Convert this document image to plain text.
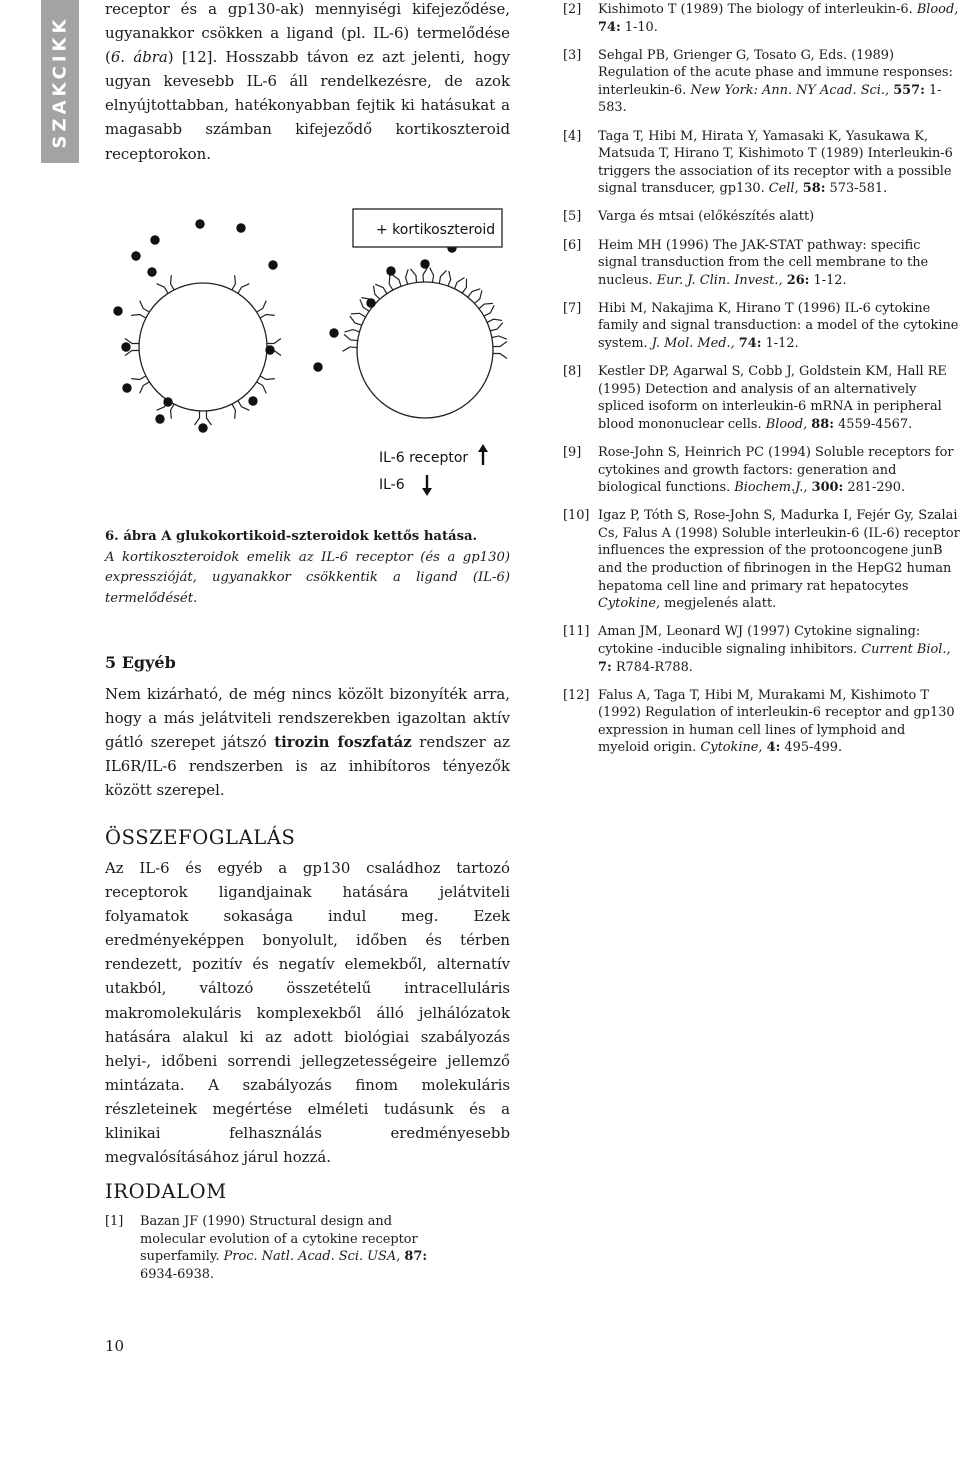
SZAKCIKK

receptor és a gp130-ak) mennyiségi kifejeződése, ugyanakkor csökken a ligand (pl. IL-6) termelődése (6. ábra) [12]. Hosszabb távon ez azt jelenti, hogy ugyan kevesebb IL-6 áll rendelkezésre, de azok elnyújtottabban, hatékonyabban fejtik ki hatásukat a magasabb számban kifejeződő kortikoszteroid receptorokon.

+ kortikoszteroid
IL-6 receptor
IL-6
6. ábra A glukokortikoid-szteroidok kettős hatása.
A kortikoszteroidok emelik az IL-6 receptor (és a gp130) expresszióját, ugyanakkor csökkentik a ligand (IL-6) termelődését.
5 Egyéb

Nem kizárható, de még nincs közölt bizonyíték arra, hogy a más jelátviteli rendszerekben igazoltan aktív gátló szerepet játszó tirozin foszfatáz rendszer az IL6R/IL-6 rendszerben is az inhibítoros tényezők között szerepel.

ÖSSZEFOGLALÁS

Az IL-6 és egyéb a gp130 családhoz tartozó receptorok ligandjainak hatására jelátviteli folyamatok sokasága indul meg. Ezek eredményeképpen bonyolult, időben és térben rendezett, pozitív és negatív elemekből, alternatív utakból, változó összetételű intracelluláris makromolekuláris komplexekből álló jelhálózatok hatására alakul ki az adott biológiai szabályozás helyi-, időbeni sorrendi jellegzetességeire jellemző mintázata. A szabályozás finom molekuláris részleteinek megértése elméleti tudásunk és a klinikai felhasználás eredményesebb megvalósításához járul hozzá.

IRODALOM
[1] Bazan JF (1990) Structural design and molecular evolution of a cytokine receptor superfamily. Proc. Natl. Acad. Sci. USA, 87: 6934-6938.
[2] Kishimoto T (1989) The biology of interleukin-6. Blood, 74: 1-10.
[3] Sehgal PB, Grienger G, Tosato G, Eds. (1989) Regulation of the acute phase and immune responses: interleukin-6. New York: Ann. NY Acad. Sci., 557: 1-583.
[4] Taga T, Hibi M, Hirata Y, Yamasaki K, Yasukawa K, Matsuda T, Hirano T, Kishimoto T (1989) Interleukin-6 triggers the association of its receptor with a possible signal transducer, gp130. Cell, 58: 573-581.
[5] Varga és mtsai (előkészítés alatt)
[6] Heim MH (1996) The JAK-STAT pathway: specific signal transduction from the cell membrane to the nucleus. Eur. J. Clin. Invest., 26: 1-12.
[7] Hibi M, Nakajima K, Hirano T (1996) IL-6 cytokine family and signal transduction: a model of the cytokine system. J. Mol. Med., 74: 1-12.
[8] Kestler DP, Agarwal S, Cobb J, Goldstein KM, Hall RE (1995) Detection and analysis of an alternatively spliced isoform on interleukin-6 mRNA in peripheral blood mononuclear cells. Blood, 88: 4559-4567.
[9] Rose-John S, Heinrich PC (1994) Soluble receptors for cytokines and growth factors: generation and biological functions. Biochem.J., 300: 281-290.
[10] Igaz P, Tóth S, Rose-John S, Madurka I, Fejér Gy, Szalai Cs, Falus A (1998) Soluble interleukin-6 (IL-6) receptor influences the expression of the protooncogene junB and the production of fibrinogen in the HepG2 human hepatoma cell line and primary rat hepatocytes Cytokine, megjelenés alatt.
[11] Aman JM, Leonard WJ (1997) Cytokine signaling: cytokine -inducible signaling inhibitors. Current Biol., 7: R784-R788.
[12] Falus A, Taga T, Hibi M, Murakami M, Kishimoto T (1992) Regulation of interleukin-6 receptor and gp130 expression in human cell lines of lymphoid and myeloid origin. Cytokine, 4: 495-499.
10
